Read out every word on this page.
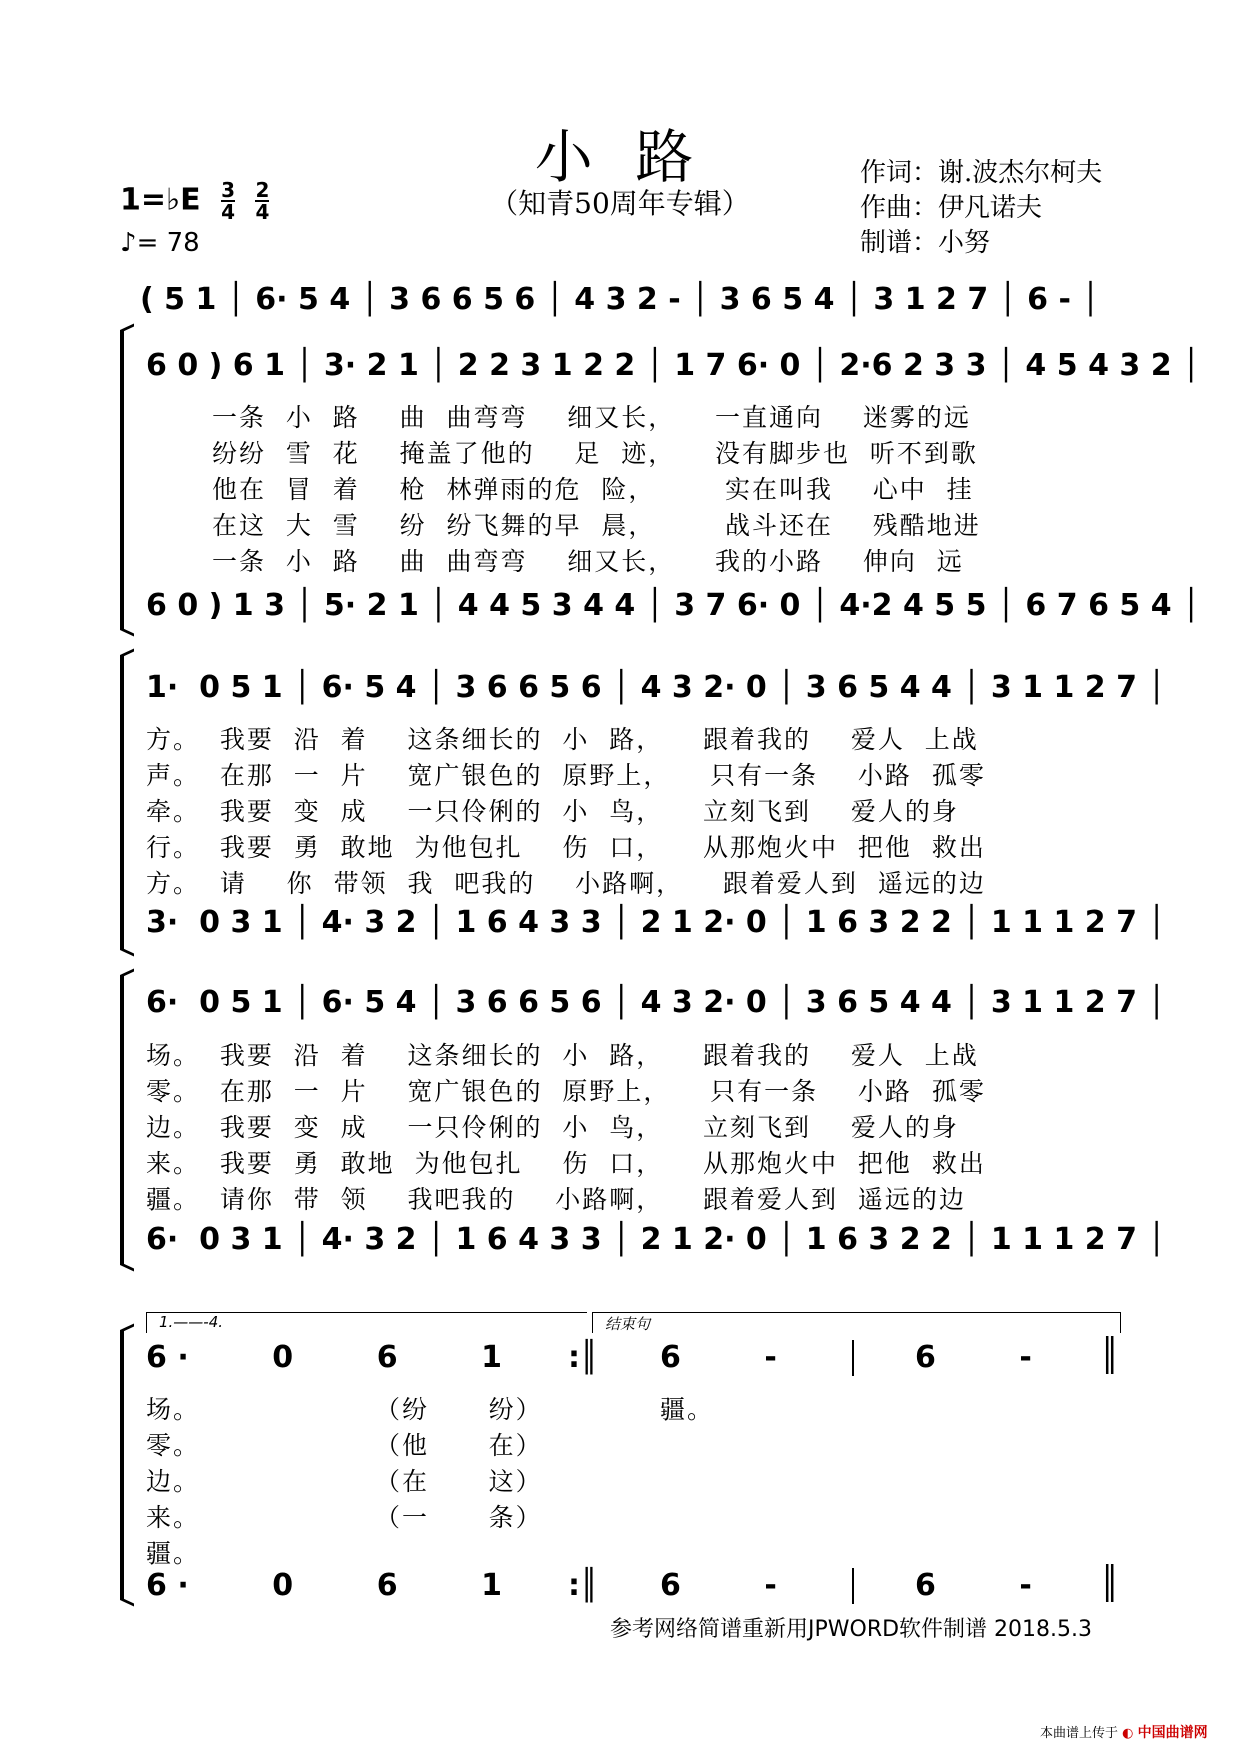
小 路
（知青50周年专辑）
作词：谢.波杰尔柯夫
作曲：伊凡诺夫
制谱：小努
1=♭E $\frac{3}{4}$
$\frac{2}{4}$
♪= 78
( 5 1 │ 6· 5 4 │ 3 6 6 5 6 │ 4 3 2 - │ 3 6 5 4 │ 3 1 2 7 │ 6 - │
6 0 ) 6 1 │ 3· 2 1 │ 2 2 3 1 2 2 │ 1 7 6· 0 │ 2·6 2 3 3 │ 4 5 4 3 2 │
一条  小  路    曲  曲弯弯    细又长，    一直通向    迷雾的远
纷纷  雪  花    掩盖了他的    足  迹，    没有脚步也  听不到歌
他在  冒  着    枪  林弹雨的危  险，       实在叫我    心中  挂
在这  大  雪    纷  纷飞舞的早  晨，       战斗还在    残酷地进
一条  小  路    曲  曲弯弯    细又长，    我的小路    伸向  远
6 0 ) 1 3 │ 5· 2 1 │ 4 4 5 3 4 4 │ 3 7 6· 0 │ 4·2 4 5 5 │ 6 7 6 5 4 │
1·  0 5 1 │ 6· 5 4 │ 3 6 6 5 6 │ 4 3 2· 0 │ 3 6 5 4 4 │ 3 1 1 2 7 │
方。  我要  沿  着    这条细长的  小  路，    跟着我的    爱人  上战
声。  在那  一  片    宽广银色的  原野上，    只有一条    小路  孤零
牵。  我要  变  成    一只伶俐的  小  鸟，    立刻飞到    爱人的身
行。  我要  勇  敢地  为他包扎    伤  口，    从那炮火中  把他  救出
方。  请    你  带领  我  吧我的    小路啊，    跟着爱人到  遥远的边
3·  0 3 1 │ 4· 3 2 │ 1 6 4 3 3 │ 2 1 2· 0 │ 1 6 3 2 2 │ 1 1 1 2 7 │
6·  0 5 1 │ 6· 5 4 │ 3 6 6 5 6 │ 4 3 2· 0 │ 3 6 5 4 4 │ 3 1 1 2 7 │
场。  我要  沿  着    这条细长的  小  路，    跟着我的    爱人  上战
零。  在那  一  片    宽广银色的  原野上，    只有一条    小路  孤零
边。  我要  变  成    一只伶俐的  小  鸟，    立刻飞到    爱人的身
来。  我要  勇  敢地  为他包扎    伤  口，    从那炮火中  把他  救出
疆。  请你  带  领    我吧我的    小路啊，    跟着爱人到  遥远的边
6·  0 3 1 │ 4· 3 2 │ 1 6 4 3 3 │ 2 1 2· 0 │ 1 6 3 2 2 │ 1 1 1 2 7 │
1.——-4.	结束句
6 ·        0        6        1 :║ 6        -	6        - ║
场。
零。
边。
来。
疆。
（纷      纷）
（他      在）
（在      这）
（一      条）
疆。
6 ·        0        6        1 :║ 6        -	6        - ║
参考网络简谱重新用JPWORD软件制谱 2018.5.3
本曲谱上传于 ◐ 中国曲谱网
